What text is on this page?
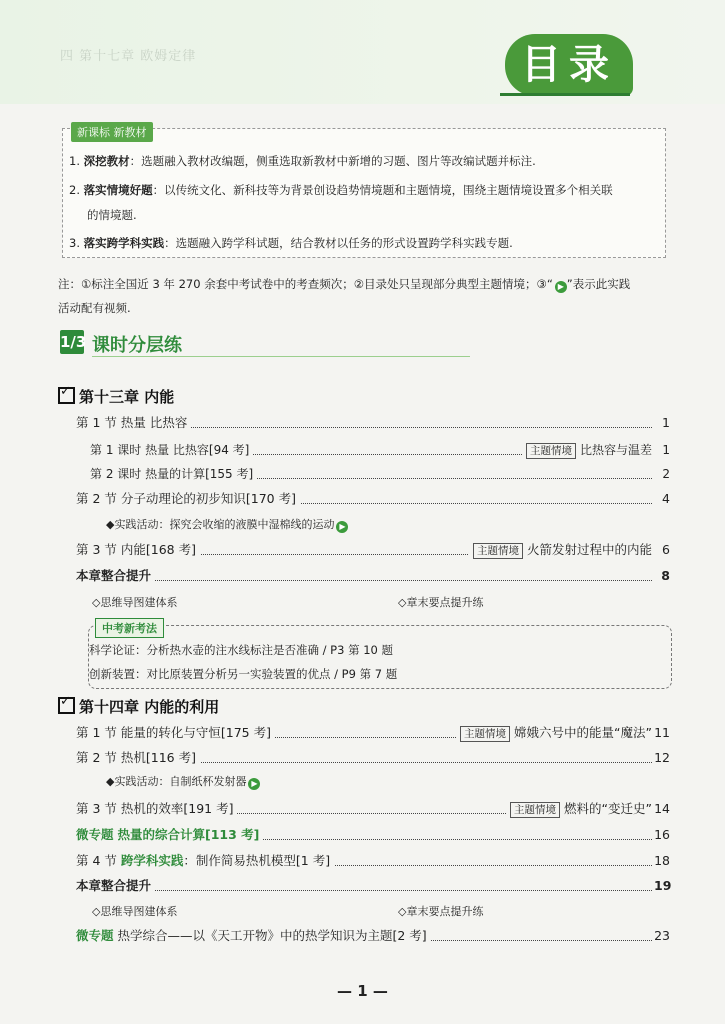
四 第十七章 欧姆定律	目录
新课标 新教材
1. 深挖教材：选题融入教材改编题，侧重选取新教材中新增的习题、图片等改编试题并标注.
2. 落实情境好题：以传统文化、新科技等为背景创设趋势情境题和主题情境，围绕主题情境设置多个相关联
的情境题.
3. 落实跨学科实践：选题融入跨学科试题，结合教材以任务的形式设置跨学科实践专题.
注：①标注全国近 3 年 270 余套中考试卷中的考查频次；②目录处只呈现部分典型主题情境；③“ ▶ ”表示此实践
活动配有视频.
1/3 课时分层练
✓第十三章 内能
第 1 节 热量 比热容	1
第 1 课时 热量 比热容[94 考]	主题情境 比热容与温差 1
第 2 课时 热量的计算[155 考]	2
第 2 节 分子动理论的初步知识[170 考]	4
◆实践活动：探究会收缩的液膜中湿棉线的运动 ▶
第 3 节 内能[168 考]	主题情境 火箭发射过程中的内能 6
本章整合提升	8
◇思维导图建体系	◇章末要点提升练
中考新考法
科学论证：分析热水壶的注水线标注是否准确 / P3 第 10 题
创新装置：对比原装置分析另一实验装置的优点 / P9 第 7 题
✓第十四章 内能的利用
第 1 节 能量的转化与守恒[175 考]	主题情境 嫦娥六号中的能量“魔法” 11
第 2 节 热机[116 考]	12
◆实践活动：自制纸杯发射器 ▶
第 3 节 热机的效率[191 考]	主题情境 燃料的“变迁史” 14
微专题 热量的综合计算[113 考]	16
第 4 节 跨学科实践：制作简易热机模型[1 考]	18
本章整合提升	19
◇思维导图建体系	◇章末要点提升练
微专题 热学综合——以《天工开物》中的热学知识为主题[2 考]	23
— 1 —
